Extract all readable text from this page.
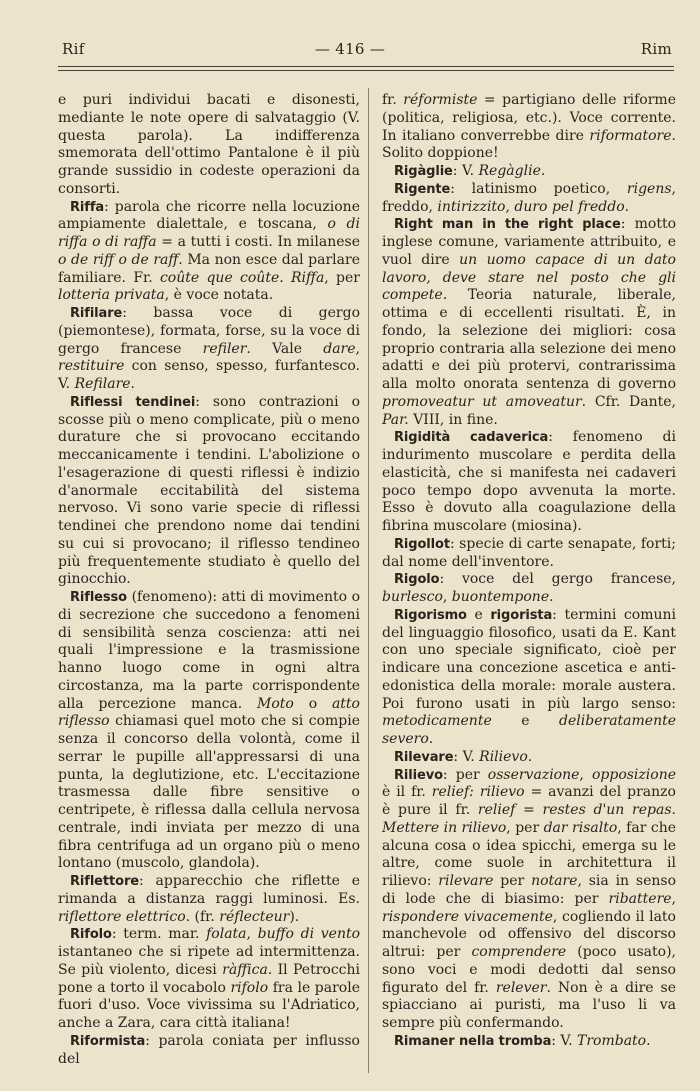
Rif	— 416 —	Rim

e puri individui bacati e disonesti, mediante le note opere di salvataggio (V. questa parola). La indifferenza smemorata dell'ottimo Pantalone è il più grande sussidio in codeste operazioni da consorti.

Riffa: parola che ricorre nella locuzione ampiamente dialettale, e toscana, o di riffa o di raffa = a tutti i costi. In milanese o de riff o de raff. Ma non esce dal parlare familiare. Fr. coûte que coûte. Riffa, per lotteria privata, è voce notata.

Rifilare: bassa voce di gergo (piemontese), formata, forse, su la voce di gergo francese refiler. Vale dare, restituire con senso, spesso, furfantesco. V. Refilare.

Riflessi tendinei: sono contrazioni o scosse più o meno complicate, più o meno durature che si provocano eccitando meccanicamente i tendini. L'abolizione o l'esagerazione di questi riflessi è indizio d'anormale eccitabilità del sistema nervoso. Vi sono varie specie di riflessi tendinei che prendono nome dai tendini su cui si provocano; il riflesso tendineo più frequentemente studiato è quello del ginocchio.

Riflesso (fenomeno): atti di movimento o di secrezione che succedono a fenomeni di sensibilità senza coscienza: atti nei quali l'impressione e la trasmissione hanno luogo come in ogni altra circostanza, ma la parte corrispondente alla percezione manca. Moto o atto riflesso chiamasi quel moto che si compie senza il concorso della volontà, come il serrar le pupille all'appressarsi di una punta, la deglutizione, etc. L'eccitazione trasmessa dalle fibre sensitive o centripete, è riflessa dalla cellula nervosa centrale, indi inviata per mezzo di una fibra centrifuga ad un organo più o meno lontano (muscolo, glandola).

Riflettore: apparecchio che riflette e rimanda a distanza raggi luminosi. Es. riflettore elettrico. (fr. réflecteur).

Rifolo: term. mar. folata, buffo di vento istantaneo che si ripete ad intermittenza. Se più violento, dicesi ràffica. Il Petrocchi pone a torto il vocabolo rifolo fra le parole fuori d'uso. Voce vivissima su l'Adriatico, anche a Zara, cara città italiana!

Riformista: parola coniata per influsso del

fr. réformiste = partigiano delle riforme (politica, religiosa, etc.). Voce corrente. In italiano converrebbe dire riformatore. Solito doppione!

Rigàglie: V. Regàglie.

Rigente: latinismo poetico, rigens, freddo, intirizzito, duro pel freddo.

Right man in the right place: motto inglese comune, variamente attribuito, e vuol dire un uomo capace di un dato lavoro, deve stare nel posto che gli compete. Teoria naturale, liberale, ottima e di eccellenti risultati. È, in fondo, la selezione dei migliori: cosa proprio contraria alla selezione dei meno adatti e dei più protervi, contrarissima alla molto onorata sentenza di governo promoveatur ut amoveatur. Cfr. Dante, Par. VIII, in fine.

Rigidità cadaverica: fenomeno di indurimento muscolare e perdita della elasticità, che si manifesta nei cadaveri poco tempo dopo avvenuta la morte. Esso è dovuto alla coagulazione della fibrina muscolare (miosina).

Rigollot: specie di carte senapate, forti; dal nome dell'inventore.

Rigolo: voce del gergo francese, burlesco, buontempone.

Rigorismo e rigorista: termini comuni del linguaggio filosofico, usati da E. Kant con uno speciale significato, cioè per indicare una concezione ascetica e anti-edonistica della morale: morale austera. Poi furono usati in più largo senso: metodicamente e deliberatamente severo.

Rilevare: V. Rilievo.

Rilievo: per osservazione, opposizione è il fr. relief: rilievo = avanzi del pranzo è pure il fr. relief = restes d'un repas. Mettere in rilievo, per dar risalto, far che alcuna cosa o idea spicchi, emerga su le altre, come suole in architettura il rilievo: rilevare per notare, sia in senso di lode che di biasimo: per ribattere, rispondere vivacemente, cogliendo il lato manchevole od offensivo del discorso altrui: per comprendere (poco usato), sono voci e modi dedotti dal senso figurato del fr. relever. Non è a dire se spiacciano ai puristi, ma l'uso li va sempre più confermando.

Rimaner nella tromba: V. Trombato.
